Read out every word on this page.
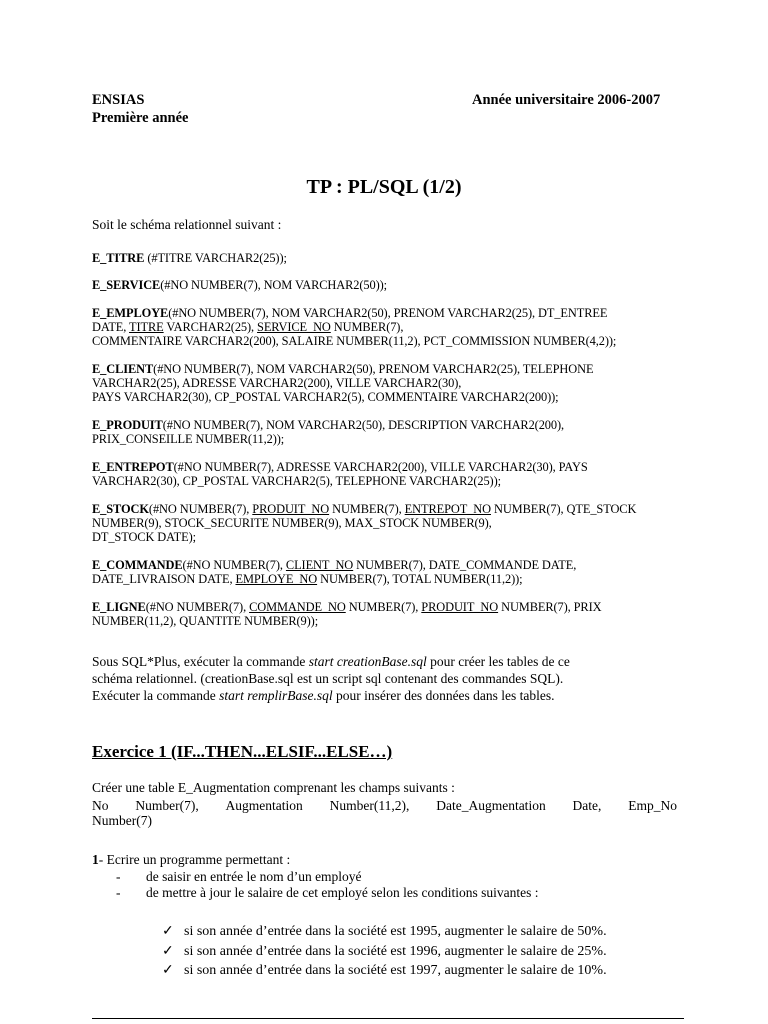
ENSIAS
Première année
Année universitaire 2006-2007
TP : PL/SQL (1/2)
Soit le schéma relationnel suivant :
E_TITRE (#TITRE VARCHAR2(25));
E_SERVICE(#NO NUMBER(7), NOM VARCHAR2(50));
E_EMPLOYE(#NO NUMBER(7), NOM VARCHAR2(50), PRENOM VARCHAR2(25), DT_ENTREE
DATE, TITRE VARCHAR2(25), SERVICE_NO NUMBER(7),
COMMENTAIRE VARCHAR2(200), SALAIRE NUMBER(11,2), PCT_COMMISSION NUMBER(4,2));
E_CLIENT(#NO NUMBER(7), NOM VARCHAR2(50), PRENOM VARCHAR2(25), TELEPHONE
VARCHAR2(25), ADRESSE VARCHAR2(200), VILLE VARCHAR2(30),
PAYS VARCHAR2(30), CP_POSTAL VARCHAR2(5), COMMENTAIRE VARCHAR2(200));
E_PRODUIT(#NO NUMBER(7), NOM VARCHAR2(50), DESCRIPTION VARCHAR2(200),
PRIX_CONSEILLE NUMBER(11,2));
E_ENTREPOT(#NO NUMBER(7), ADRESSE VARCHAR2(200), VILLE VARCHAR2(30), PAYS
VARCHAR2(30), CP_POSTAL VARCHAR2(5), TELEPHONE VARCHAR2(25));
E_STOCK(#NO NUMBER(7), PRODUIT_NO NUMBER(7), ENTREPOT_NO NUMBER(7), QTE_STOCK
NUMBER(9), STOCK_SECURITE NUMBER(9), MAX_STOCK NUMBER(9),
DT_STOCK DATE);
E_COMMANDE(#NO NUMBER(7), CLIENT_NO NUMBER(7), DATE_COMMANDE DATE,
DATE_LIVRAISON DATE, EMPLOYE_NO NUMBER(7), TOTAL NUMBER(11,2));
E_LIGNE(#NO NUMBER(7), COMMANDE_NO NUMBER(7), PRODUIT_NO NUMBER(7), PRIX
NUMBER(11,2), QUANTITE NUMBER(9));
Sous SQL*Plus, exécuter la commande start creationBase.sql pour créer les tables de ce
schéma relationnel. (creationBase.sql est un script sql contenant des commandes SQL).
Exécuter la commande start remplirBase.sql pour insérer des données dans les tables.
Exercice 1 (IF...THEN...ELSIF...ELSE…)
Créer une table E_Augmentation comprenant les champs suivants :
No Number(7), Augmentation Number(11,2), Date_Augmentation Date, Emp_No
Number(7)
1- Ecrire un programme permettant :
- de saisir en entrée le nom d’un employé
- de mettre à jour le salaire de cet employé selon les conditions suivantes :
✓ si son année d’entrée dans la société est 1995, augmenter le salaire de 50%.
✓ si son année d’entrée dans la société est 1996, augmenter le salaire de 25%.
✓ si son année d’entrée dans la société est 1997, augmenter le salaire de 10%.
